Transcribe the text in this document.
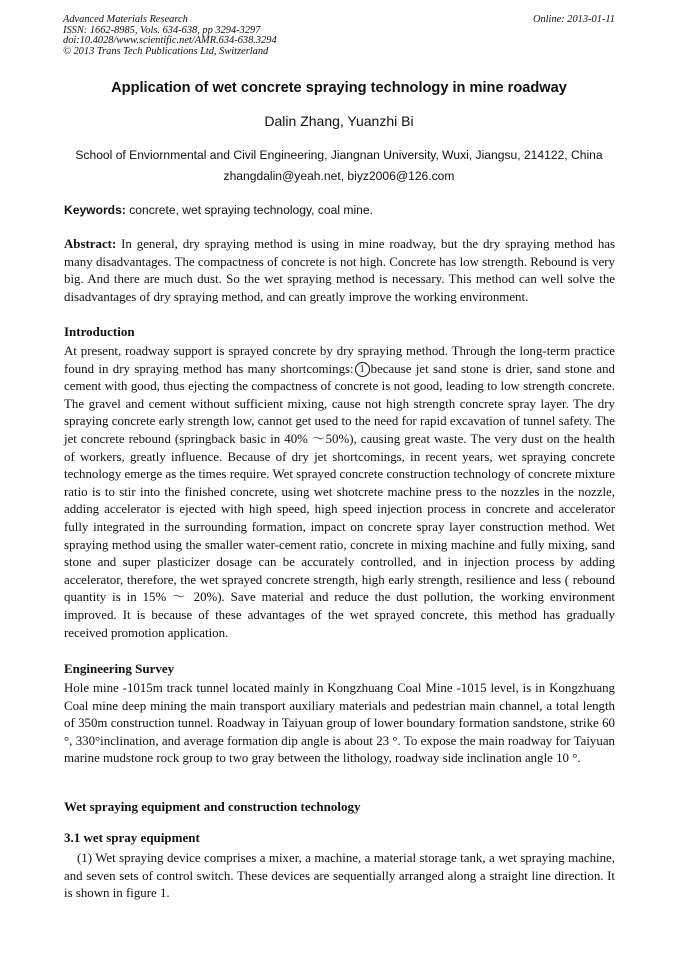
Advanced Materials Research
ISSN: 1662-8985, Vols. 634-638, pp 3294-3297
doi:10.4028/www.scientific.net/AMR.634-638.3294
© 2013 Trans Tech Publications Ltd, Switzerland
Online: 2013-01-11
Application of wet concrete spraying technology in mine roadway
Dalin Zhang, Yuanzhi Bi
School of Enviornmental and Civil Engineering, Jiangnan University, Wuxi, Jiangsu, 214122, China
zhangdalin@yeah.net, biyz2006@126.com
Keywords: concrete, wet spraying technology, coal mine.

Abstract: In general, dry spraying method is using in mine roadway, but the dry spraying method has many disadvantages. The compactness of concrete is not high. Concrete has low strength. Rebound is very big. And there are much dust. So the wet spraying method is necessary. This method can well solve the disadvantages of dry spraying method, and can greatly improve the working environment.

Introduction

At present, roadway support is sprayed concrete by dry spraying method. Through the long-term practice found in dry spraying method has many shortcomings: 1 because jet sand stone is drier, sand stone and cement with good, thus ejecting the compactness of concrete is not good, leading to low strength concrete. The gravel and cement without sufficient mixing, cause not high strength concrete spray layer. The dry spraying concrete early strength low, cannot get used to the need for rapid excavation of tunnel safety. The jet concrete rebound (springback basic in 40% ～50%), causing great waste. The very dust on the health of workers, greatly influence. Because of dry jet shortcomings, in recent years, wet spraying concrete technology emerge as the times require. Wet sprayed concrete construction technology of concrete mixture ratio is to stir into the finished concrete, using wet shotcrete machine press to the nozzles in the nozzle, adding accelerator is ejected with high speed, high speed injection process in concrete and accelerator fully integrated in the surrounding formation, impact on concrete spray layer construction method. Wet spraying method using the smaller water-cement ratio, concrete in mixing machine and fully mixing, sand stone and super plasticizer dosage can be accurately controlled, and in injection process by adding accelerator, therefore, the wet sprayed concrete strength, high early strength, resilience and less ( rebound quantity is in 15% ～ 20%). Save material and reduce the dust pollution, the working environment improved. It is because of these advantages of the wet sprayed concrete, this method has gradually received promotion application.

Engineering Survey

Hole mine -1015m track tunnel located mainly in Kongzhuang Coal Mine -1015 level, is in Kongzhuang Coal mine deep mining the main transport auxiliary materials and pedestrian main channel, a total length of 350m construction tunnel. Roadway in Taiyuan group of lower boundary formation sandstone, strike 60 °, 330°inclination, and average formation dip angle is about 23 °. To expose the main roadway for Taiyuan marine mudstone rock group to two gray between the lithology, roadway side inclination angle 10 °.

Wet spraying equipment and construction technology
3.1 wet spray equipment

(1) Wet spraying device comprises a mixer, a machine, a material storage tank, a wet spraying machine, and seven sets of control switch. These devices are sequentially arranged along a straight line direction. It is shown in figure 1.
